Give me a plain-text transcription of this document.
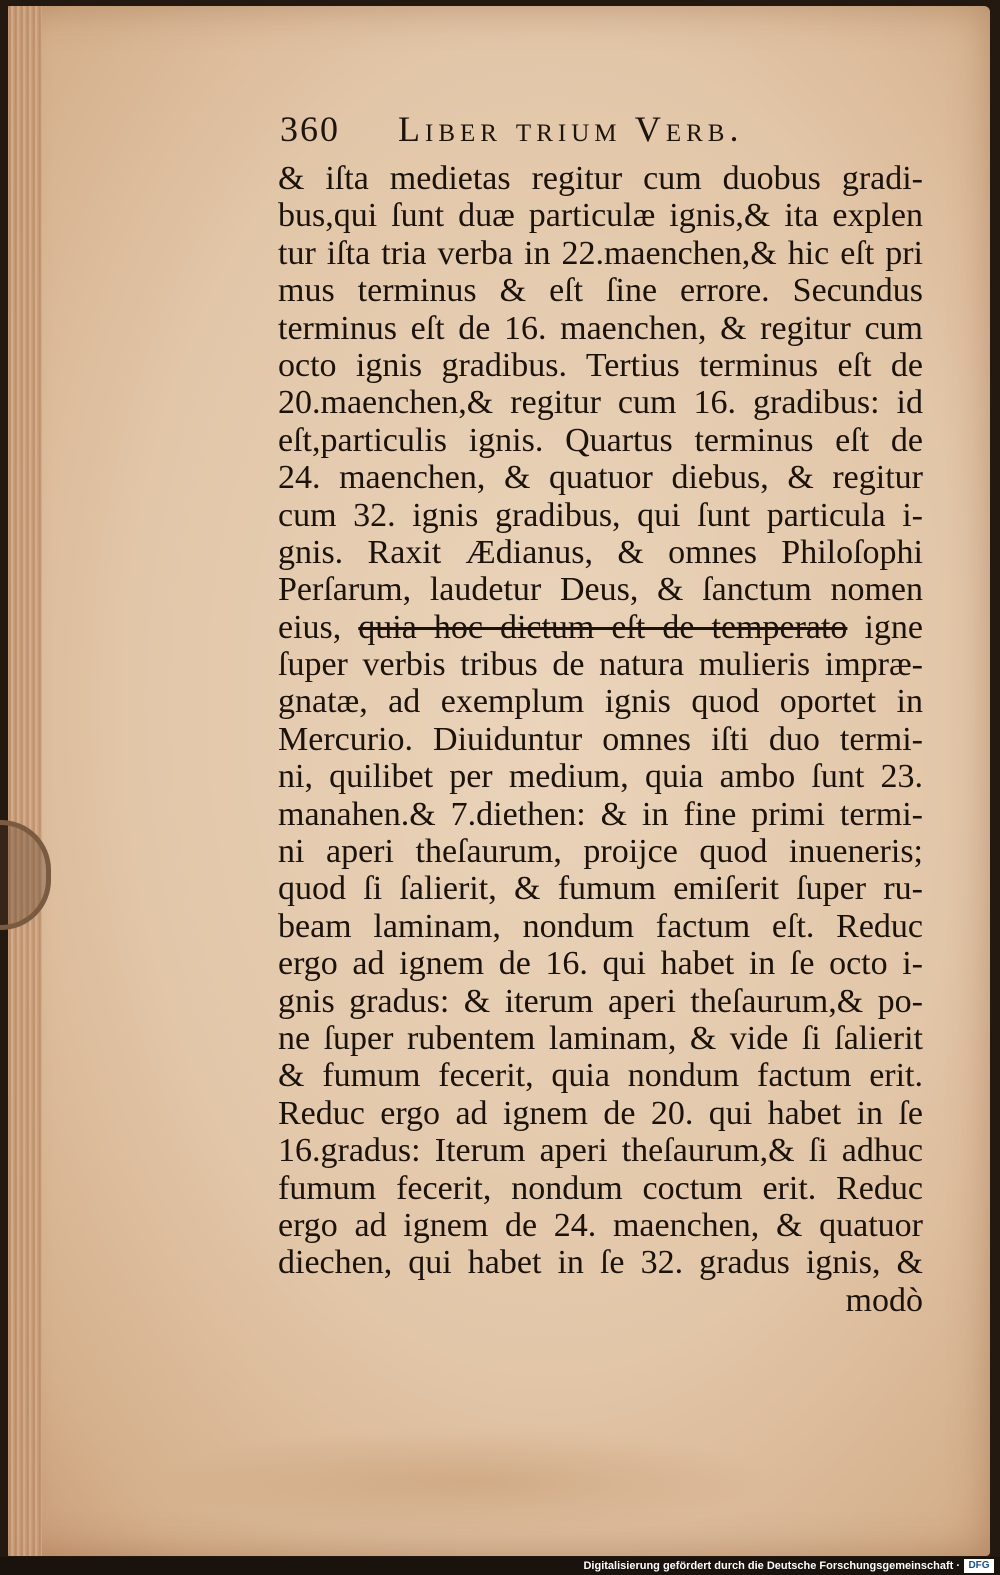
360 Liber trium Verb.
& iſta medietas regitur cum duobus gradi-
bus,qui ſunt duæ particulæ ignis,& ita explen
tur iſta tria verba in 22.maenchen,& hic eſt pri
mus terminus & eſt ſine errore. Secundus
terminus eſt de 16. maenchen, & regitur cum
octo ignis gradibus. Tertius terminus eſt de
20.maenchen,& regitur cum 16. gradibus: id
eſt,particulis ignis. Quartus terminus eſt de
24. maenchen, & quatuor diebus, & regitur
cum 32. ignis gradibus, qui ſunt particula i-
gnis. Raxit Ædianus, & omnes Philoſophi
Perſarum, laudetur Deus, & ſanctum nomen
eius, quia hoc dictum eſt de temperato igne
ſuper verbis tribus de natura mulieris impræ-
gnatæ, ad exemplum ignis quod oportet in
Mercurio. Diuiduntur omnes iſti duo termi-
ni, quilibet per medium, quia ambo ſunt 23.
manahen.& 7.diethen: & in fine primi termi-
ni aperi theſaurum, proijce quod inueneris;
quod ſi ſalierit, & fumum emiſerit ſuper ru-
beam laminam, nondum factum eſt. Reduc
ergo ad ignem de 16. qui habet in ſe octo i-
gnis gradus: & iterum aperi theſaurum,& po-
ne ſuper rubentem laminam, & vide ſi ſalierit
& fumum fecerit, quia nondum factum erit.
Reduc ergo ad ignem de 20. qui habet in ſe
16.gradus: Iterum aperi theſaurum,& ſi adhuc
fumum fecerit, nondum coctum erit. Reduc
ergo ad ignem de 24. maenchen, & quatuor
diechen, qui habet in ſe 32. gradus ignis, &
modò
Digitalisierung gefördert durch die Deutsche Forschungsgemeinschaft · DFG
